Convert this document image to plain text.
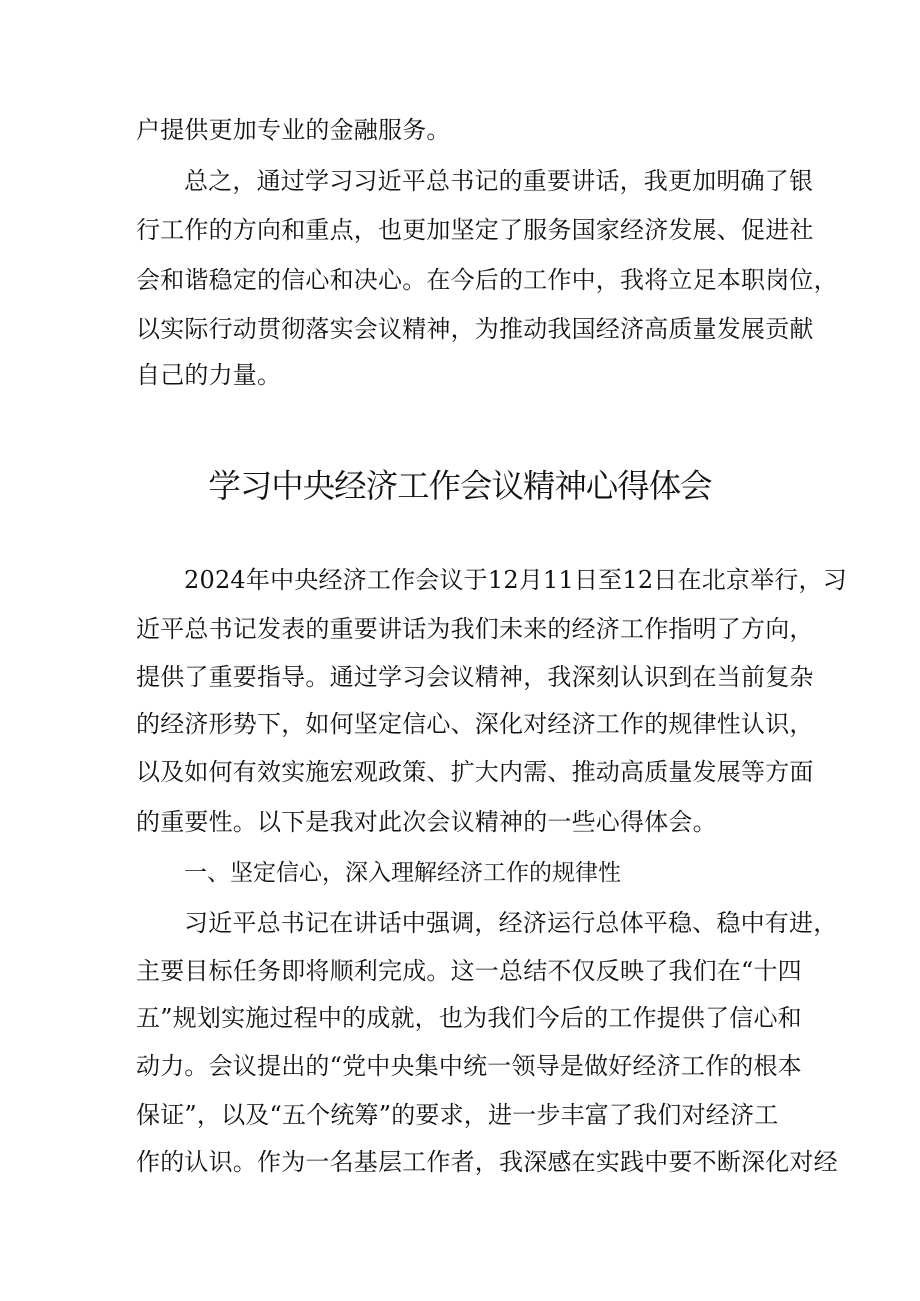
户提供更加专业的金融服务。
总之，通过学习习近平总书记的重要讲话，我更加明确了银
行工作的方向和重点，也更加坚定了服务国家经济发展、促进社
会和谐稳定的信心和决心。在今后的工作中，我将立足本职岗位，
以实际行动贯彻落实会议精神，为推动我国经济高质量发展贡献
自己的力量。
学习中央经济工作会议精神心得体会
2024年中央经济工作会议于12月11日至12日在北京举行，习
近平总书记发表的重要讲话为我们未来的经济工作指明了方向，
提供了重要指导。通过学习会议精神，我深刻认识到在当前复杂
的经济形势下，如何坚定信心、深化对经济工作的规律性认识，
以及如何有效实施宏观政策、扩大内需、推动高质量发展等方面
的重要性。以下是我对此次会议精神的一些心得体会。
一、坚定信心，深入理解经济工作的规律性
习近平总书记在讲话中强调，经济运行总体平稳、稳中有进，
主要目标任务即将顺利完成。这一总结不仅反映了我们在“十四
五”规划实施过程中的成就，也为我们今后的工作提供了信心和
动力。会议提出的“党中央集中统一领导是做好经济工作的根本
保证”，以及“五个统筹”的要求，进一步丰富了我们对经济工
作的认识。作为一名基层工作者，我深感在实践中要不断深化对经
